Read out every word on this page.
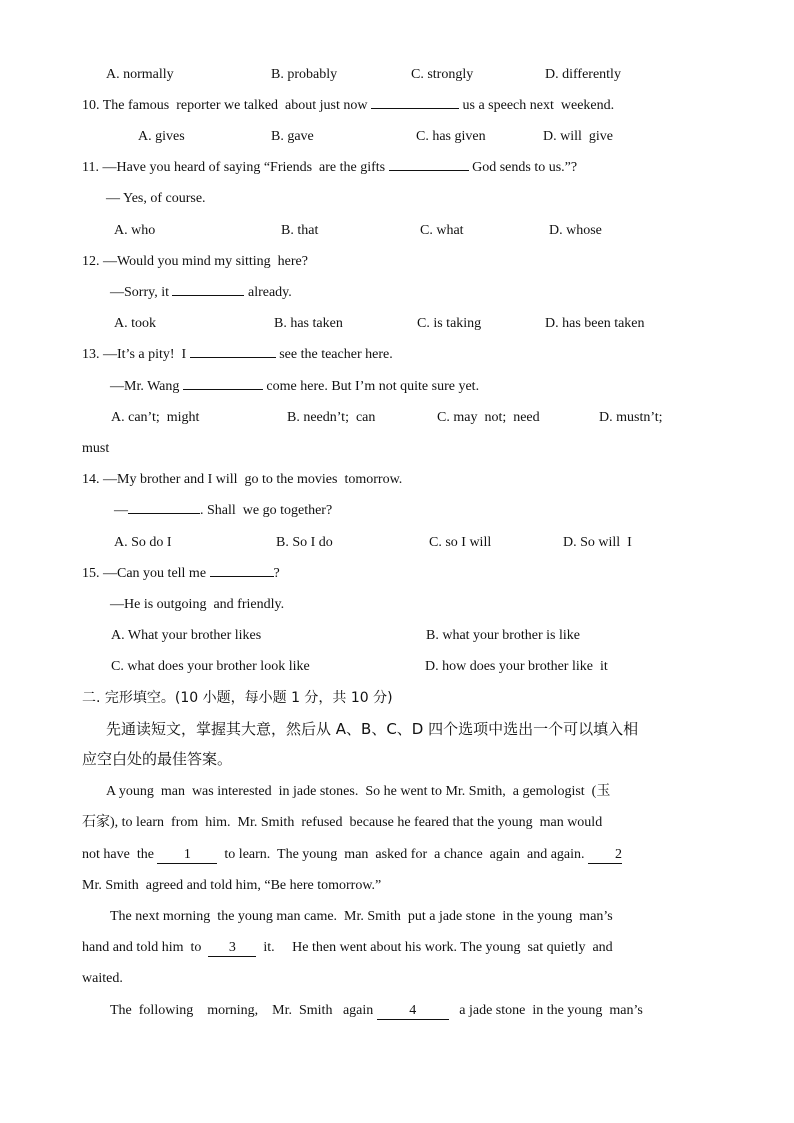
A. normally	B. probably	C. strongly	D. differently
10. The famous  reporter we talked  about just now	us a speech next  weekend.
A. gives	B. gave	C. has given	D. will  give
11. —Have you heard of saying “Friends  are the gifts	God sends to us.”?
— Yes, of course.
A. who	B. that	C. what	D. whose
12. —Would you mind my sitting  here?
—Sorry, it	already.
A. took	B. has taken	C. is taking	D. has been taken
13. —It’s a pity!  I	see the teacher here.
—Mr. Wang	come here. But I’m not quite sure yet.
A. can’t;  might	B. needn’t;  can	C. may  not;  need	D. mustn’t;
must
14. —My brother and I will  go to the movies  tomorrow.
—	. Shall  we go together?
A. So do I	B. So I do	C. so I will	D. So will  I
15. —Can you tell me	?
—He is outgoing  and friendly.
A. What your brother likes	B. what your brother is like
C. what does your brother look like	D. how does your brother like  it
二. 完形填空。(10 小题，每小题 1 分，共 10 分)
先通读短文，掌握其大意，然后从 A、B、C、D 四个选项中选出一个可以填入相
应空白处的最佳答案。
A young  man  was interested  in jade stones.  So he went to Mr. Smith,  a gemologist  (玉
石家), to learn  from  him.  Mr. Smith  refused  because he feared that the young  man would
not have  the 1  to learn.  The young  man  asked for  a chance  again  and again. 2
Mr. Smith  agreed and told him, “Be here tomorrow.”
The next morning  the young man came.  Mr. Smith  put a jade stone  in the young  man’s
hand and told him  to  3  it.     He then went about his work. The young  sat quietly  and
waited.
The  following    morning,    Mr.  Smith   again 4   a jade stone  in the young  man’s
